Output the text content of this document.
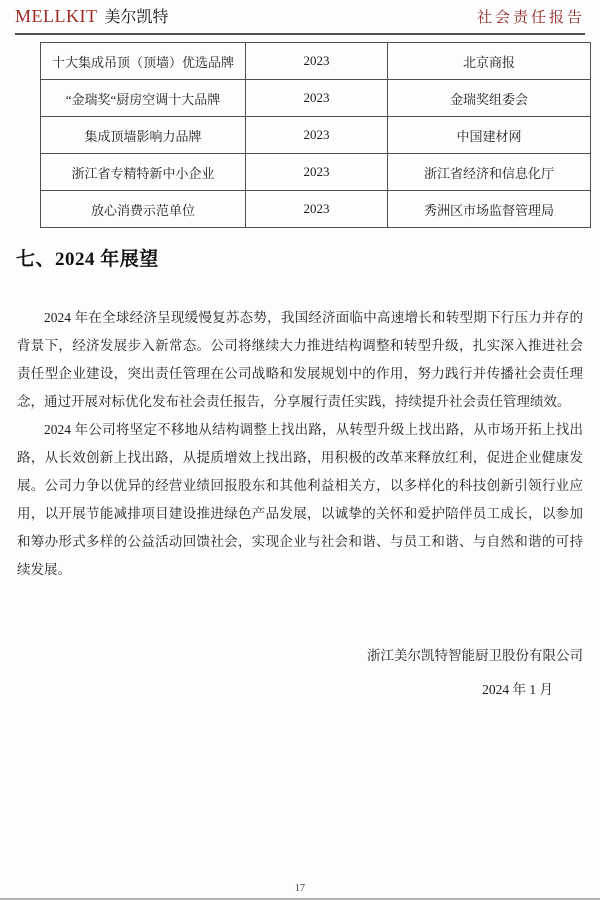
MELLKIT 美尔凯特	社会责任报告
十大集成吊顶（顶墙）优选品牌	2023	北京商报
“金瑞奖“厨房空调十大品牌	2023	金瑞奖组委会
集成顶墙影响力品牌	2023	中国建材网
浙江省专精特新中小企业	2023	浙江省经济和信息化厅
放心消费示范单位	2023	秀洲区市场监督管理局
七、2024 年展望

2024 年在全球经济呈现缓慢复苏态势，我国经济面临中高速增长和转型期下行压力并存的背景下，经济发展步入新常态。公司将继续大力推进结构调整和转型升级，扎实深入推进社会责任型企业建设，突出责任管理在公司战略和发展规划中的作用，努力践行并传播社会责任理念，通过开展对标优化发布社会责任报告，分享履行责任实践，持续提升社会责任管理绩效。

2024 年公司将坚定不移地从结构调整上找出路，从转型升级上找出路，从市场开拓上找出路，从长效创新上找出路，从提质增效上找出路，用积极的改革来释放红利，促进企业健康发展。公司力争以优异的经营业绩回报股东和其他利益相关方，以多样化的科技创新引领行业应用，以开展节能减排项目建设推进绿色产品发展，以诚挚的关怀和爱护陪伴员工成长，以参加和筹办形式多样的公益活动回馈社会，实现企业与社会和谐、与员工和谐、与自然和谐的可持续发展。

浙江美尔凯特智能厨卫股份有限公司
2024 年 1 月
17
